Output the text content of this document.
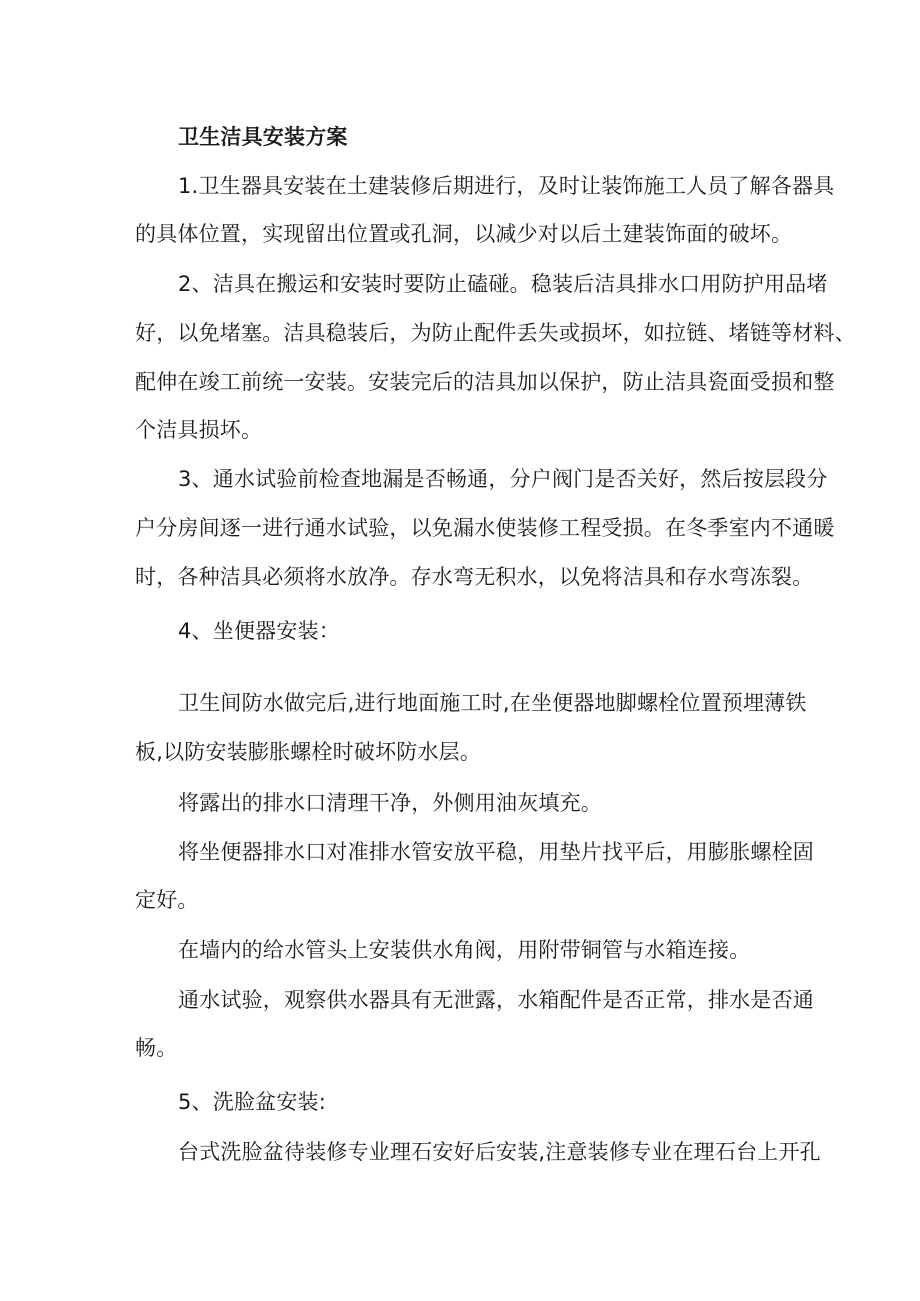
卫生洁具安装方案
1.卫生器具安装在土建装修后期进行，及时让装饰施工人员了解各器具
的具体位置，实现留出位置或孔洞，以减少对以后土建装饰面的破坏。
2、洁具在搬运和安装时要防止磕碰。稳装后洁具排水口用防护用品堵
好，以免堵塞。洁具稳装后，为防止配件丢失或损坏，如拉链、堵链等材料、
配伸在竣工前统一安装。安装完后的洁具加以保护，防止洁具瓷面受损和整
个洁具损坏。
3、通水试验前检查地漏是否畅通，分户阀门是否关好，然后按层段分
户分房间逐一进行通水试验，以免漏水使装修工程受损。在冬季室内不通暖
时，各种洁具必须将水放净。存水弯无积水，以免将洁具和存水弯冻裂。
4、坐便器安装：
卫生间防水做完后,进行地面施工时,在坐便器地脚螺栓位置预埋薄铁
板,以防安装膨胀螺栓时破坏防水层。
将露出的排水口清理干净，外侧用油灰填充。
将坐便器排水口对准排水管安放平稳，用垫片找平后，用膨胀螺栓固
定好。
在墙内的给水管头上安装供水角阀，用附带铜管与水箱连接。
通水试验，观察供水器具有无泄露，水箱配件是否正常，排水是否通
畅。
5、洗脸盆安装:
台式洗脸盆待装修专业理石安好后安装,注意装修专业在理石台上开孔
